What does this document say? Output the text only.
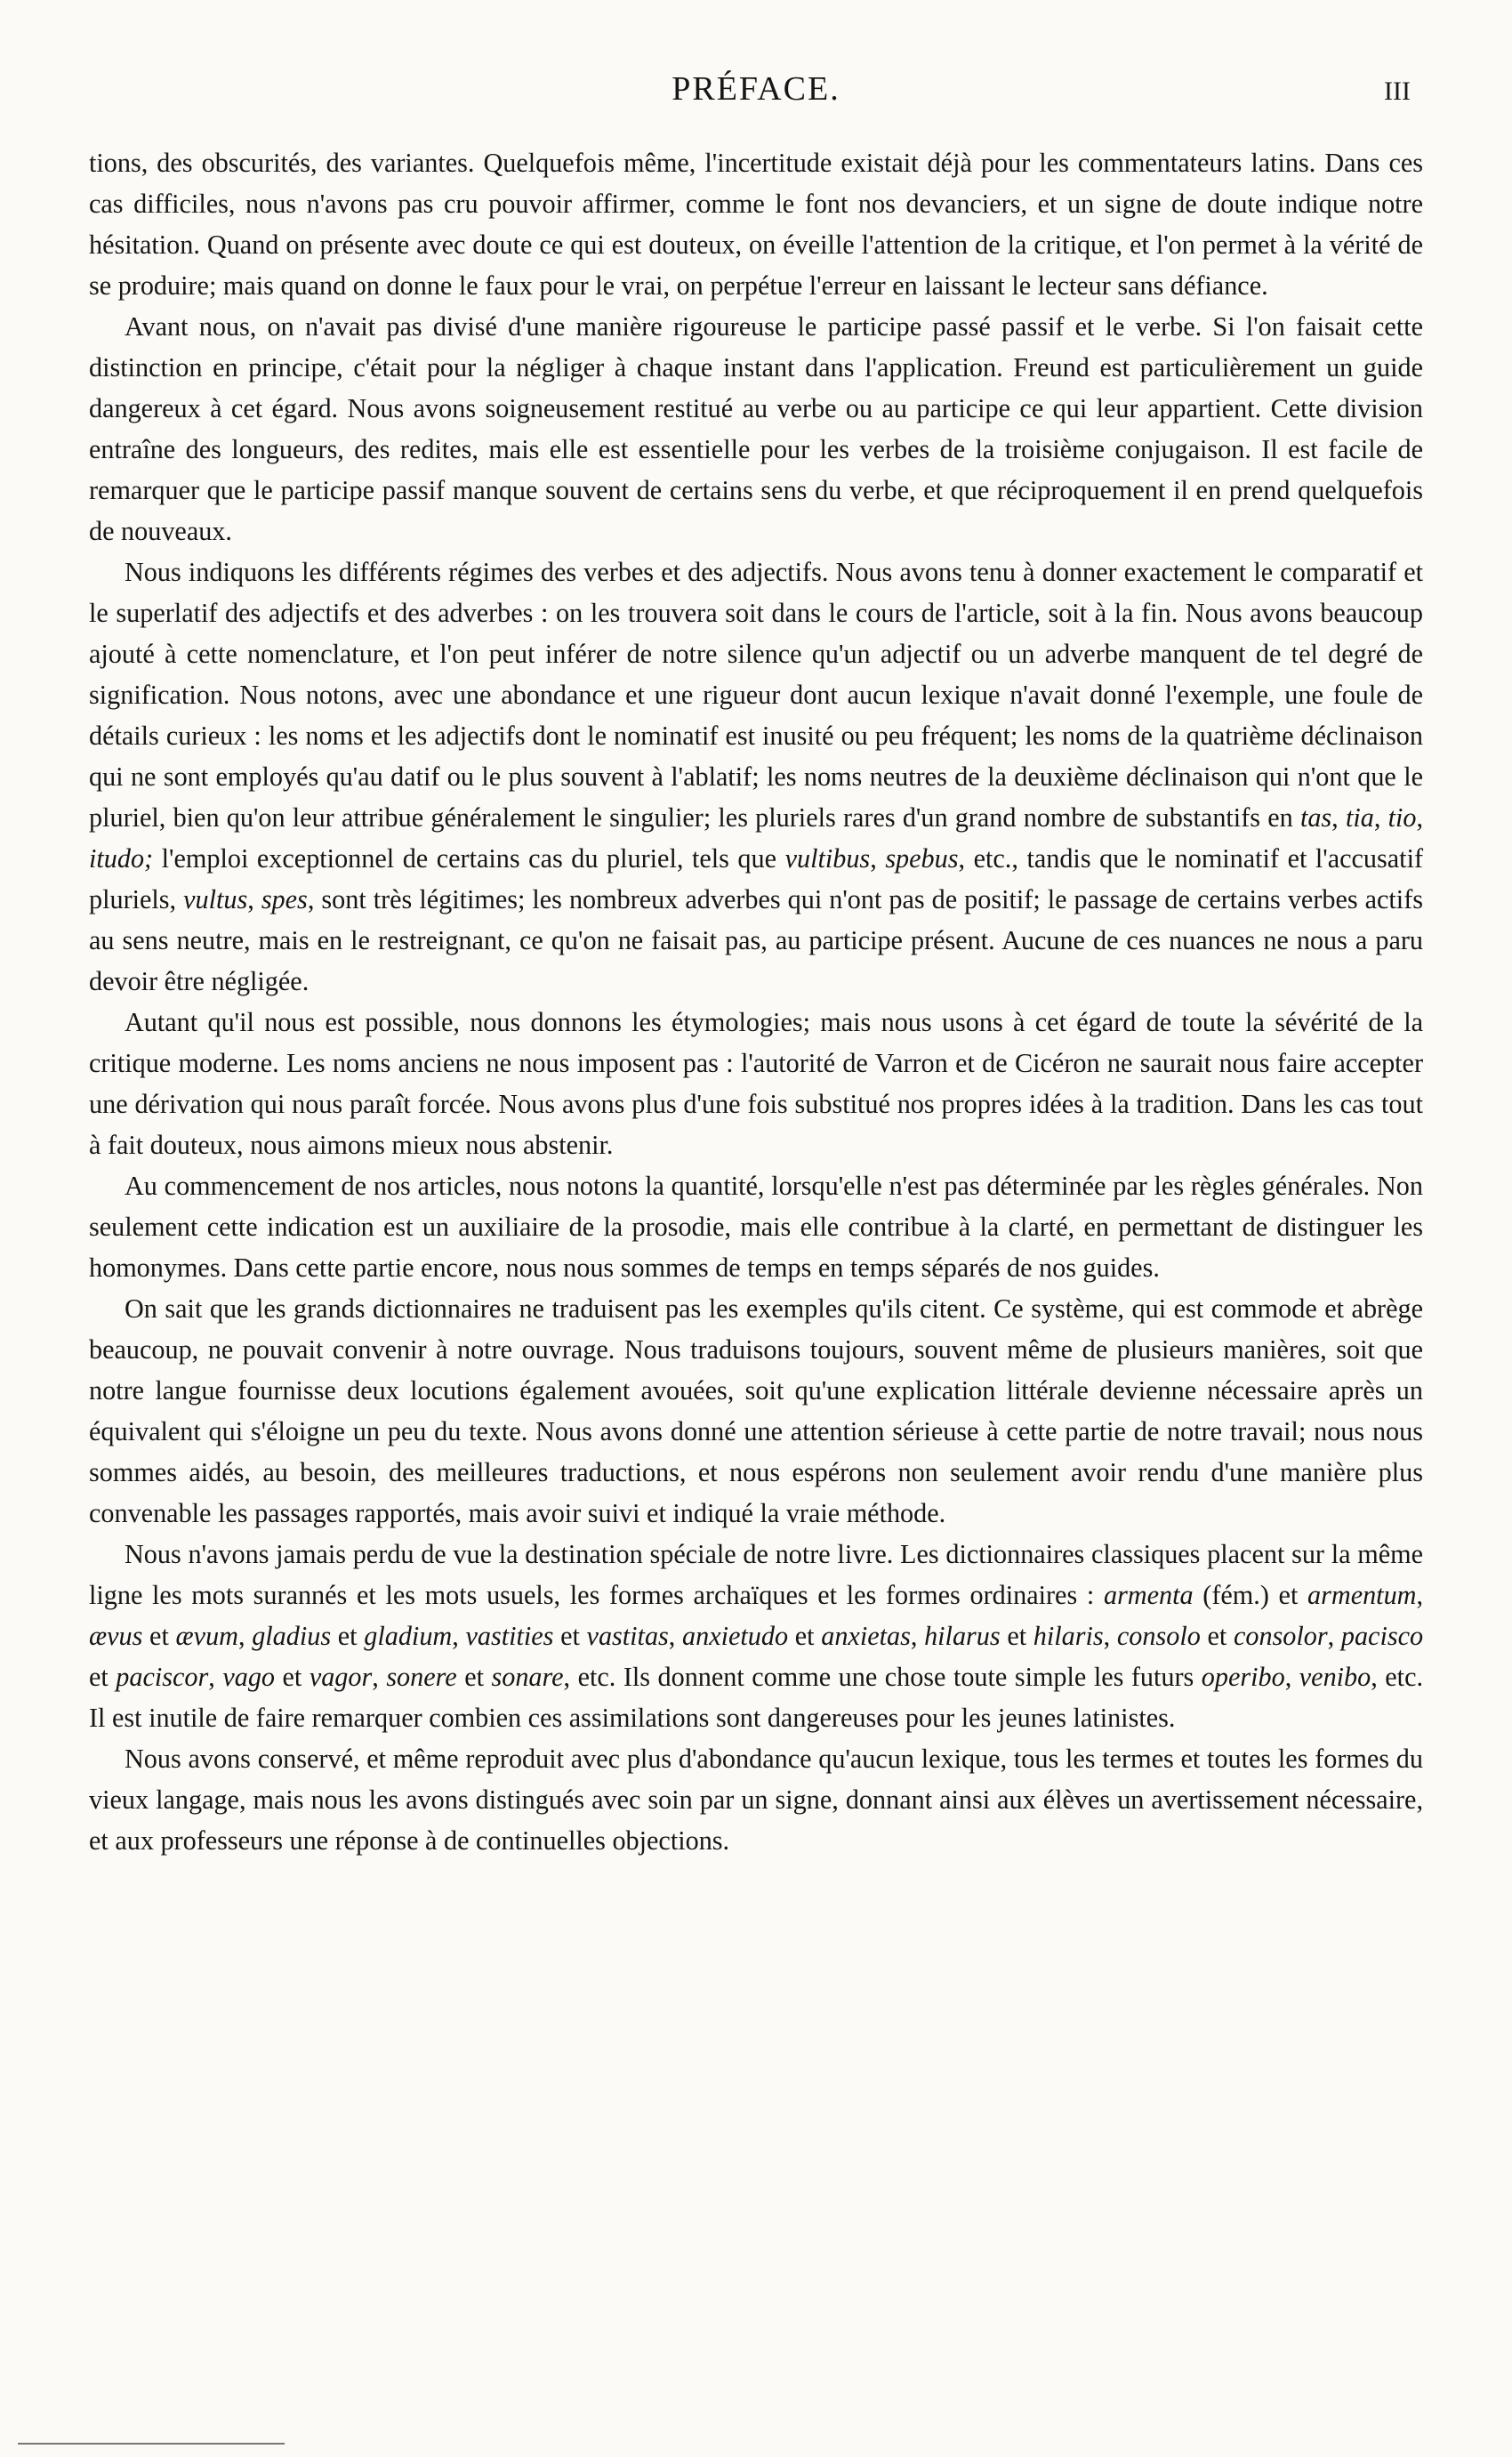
PRÉFACE.	III

tions, des obscurités, des variantes. Quelquefois même, l'incertitude existait déjà pour les commentateurs latins. Dans ces cas difficiles, nous n'avons pas cru pouvoir affirmer, comme le font nos devanciers, et un signe de doute indique notre hésitation. Quand on présente avec doute ce qui est douteux, on éveille l'attention de la critique, et l'on permet à la vérité de se produire; mais quand on donne le faux pour le vrai, on perpétue l'erreur en laissant le lecteur sans défiance.

Avant nous, on n'avait pas divisé d'une manière rigoureuse le participe passé passif et le verbe. Si l'on faisait cette distinction en principe, c'était pour la négliger à chaque instant dans l'application. Freund est particulièrement un guide dangereux à cet égard. Nous avons soigneusement restitué au verbe ou au participe ce qui leur appartient. Cette division entraîne des longueurs, des redites, mais elle est essentielle pour les verbes de la troisième conjugaison. Il est facile de remarquer que le participe passif manque souvent de certains sens du verbe, et que réciproquement il en prend quelquefois de nouveaux.

Nous indiquons les différents régimes des verbes et des adjectifs. Nous avons tenu à donner exactement le comparatif et le superlatif des adjectifs et des adverbes : on les trouvera soit dans le cours de l'article, soit à la fin. Nous avons beaucoup ajouté à cette nomenclature, et l'on peut inférer de notre silence qu'un adjectif ou un adverbe manquent de tel degré de signification. Nous notons, avec une abondance et une rigueur dont aucun lexique n'avait donné l'exemple, une foule de détails curieux : les noms et les adjectifs dont le nominatif est inusité ou peu fréquent; les noms de la quatrième déclinaison qui ne sont employés qu'au datif ou le plus souvent à l'ablatif; les noms neutres de la deuxième déclinaison qui n'ont que le pluriel, bien qu'on leur attribue généralement le singulier; les pluriels rares d'un grand nombre de substantifs en tas, tia, tio, itudo; l'emploi exceptionnel de certains cas du pluriel, tels que vultibus, spebus, etc., tandis que le nominatif et l'accusatif pluriels, vultus, spes, sont très légitimes; les nombreux adverbes qui n'ont pas de positif; le passage de certains verbes actifs au sens neutre, mais en le restreignant, ce qu'on ne faisait pas, au participe présent. Aucune de ces nuances ne nous a paru devoir être négligée.

Autant qu'il nous est possible, nous donnons les étymologies; mais nous usons à cet égard de toute la sévérité de la critique moderne. Les noms anciens ne nous imposent pas : l'autorité de Varron et de Cicéron ne saurait nous faire accepter une dérivation qui nous paraît forcée. Nous avons plus d'une fois substitué nos propres idées à la tradition. Dans les cas tout à fait douteux, nous aimons mieux nous abstenir.

Au commencement de nos articles, nous notons la quantité, lorsqu'elle n'est pas déterminée par les règles générales. Non seulement cette indication est un auxiliaire de la prosodie, mais elle contribue à la clarté, en permettant de distinguer les homonymes. Dans cette partie encore, nous nous sommes de temps en temps séparés de nos guides.

On sait que les grands dictionnaires ne traduisent pas les exemples qu'ils citent. Ce système, qui est commode et abrège beaucoup, ne pouvait convenir à notre ouvrage. Nous traduisons toujours, souvent même de plusieurs manières, soit que notre langue fournisse deux locutions également avouées, soit qu'une explication littérale devienne nécessaire après un équivalent qui s'éloigne un peu du texte. Nous avons donné une attention sérieuse à cette partie de notre travail; nous nous sommes aidés, au besoin, des meilleures traductions, et nous espérons non seulement avoir rendu d'une manière plus convenable les passages rapportés, mais avoir suivi et indiqué la vraie méthode.

Nous n'avons jamais perdu de vue la destination spéciale de notre livre. Les dictionnaires classiques placent sur la même ligne les mots surannés et les mots usuels, les formes archaïques et les formes ordinaires : armenta (fém.) et armentum, ævus et ævum, gladius et gladium, vastities et vastitas, anxietudo et anxietas, hilarus et hilaris, consolo et consolor, pacisco et paciscor, vago et vagor, sonere et sonare, etc. Ils donnent comme une chose toute simple les futurs operibo, venibo, etc. Il est inutile de faire remarquer combien ces assimilations sont dangereuses pour les jeunes latinistes.

Nous avons conservé, et même reproduit avec plus d'abondance qu'aucun lexique, tous les termes et toutes les formes du vieux langage, mais nous les avons distingués avec soin par un signe, donnant ainsi aux élèves un avertissement nécessaire, et aux professeurs une réponse à de continuelles objections.
